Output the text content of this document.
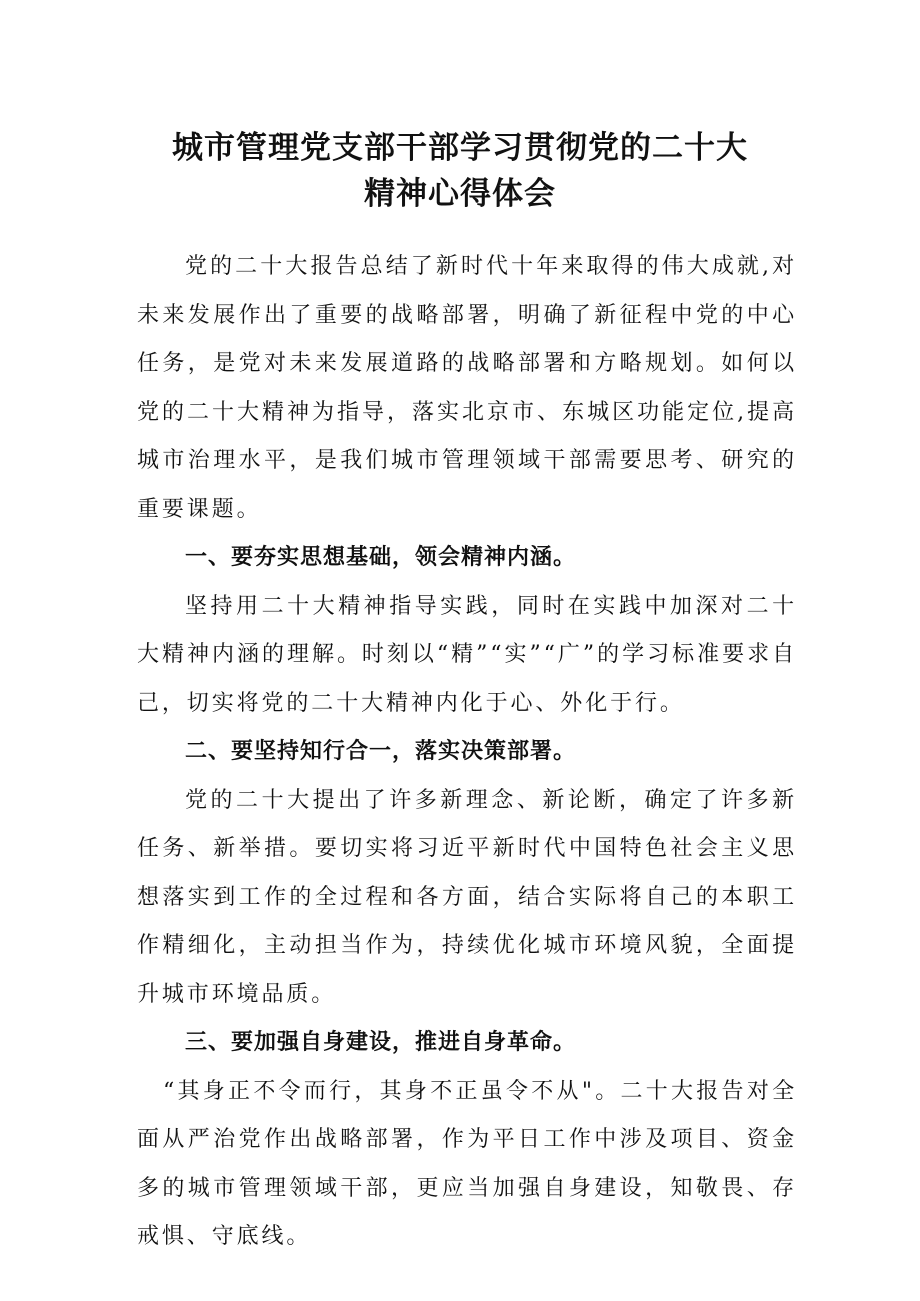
城市管理党支部干部学习贯彻党的二十大
精神心得体会

党的二十大报告总结了新时代十年来取得的伟大成就,对未来发展作出了重要的战略部署，明确了新征程中党的中心任务，是党对未来发展道路的战略部署和方略规划。如何以党的二十大精神为指导，落实北京市、东城区功能定位,提高城市治理水平，是我们城市管理领域干部需要思考、研究的重要课题。

一、要夯实思想基础，领会精神内涵。

坚持用二十大精神指导实践，同时在实践中加深对二十大精神内涵的理解。时刻以“精”“实”“广”的学习标准要求自己，切实将党的二十大精神内化于心、外化于行。

二、要坚持知行合一，落实决策部署。

党的二十大提出了许多新理念、新论断，确定了许多新任务、新举措。要切实将习近平新时代中国特色社会主义思想落实到工作的全过程和各方面，结合实际将自己的本职工作精细化，主动担当作为，持续优化城市环境风貌，全面提升城市环境品质。

三、要加强自身建设，推进自身革命。

“其身正不令而行，其身不正虽令不从"。二十大报告对全面从严治党作出战略部署，作为平日工作中涉及项目、资金多的城市管理领域干部，更应当加强自身建设，知敬畏、存戒惧、守底线。
